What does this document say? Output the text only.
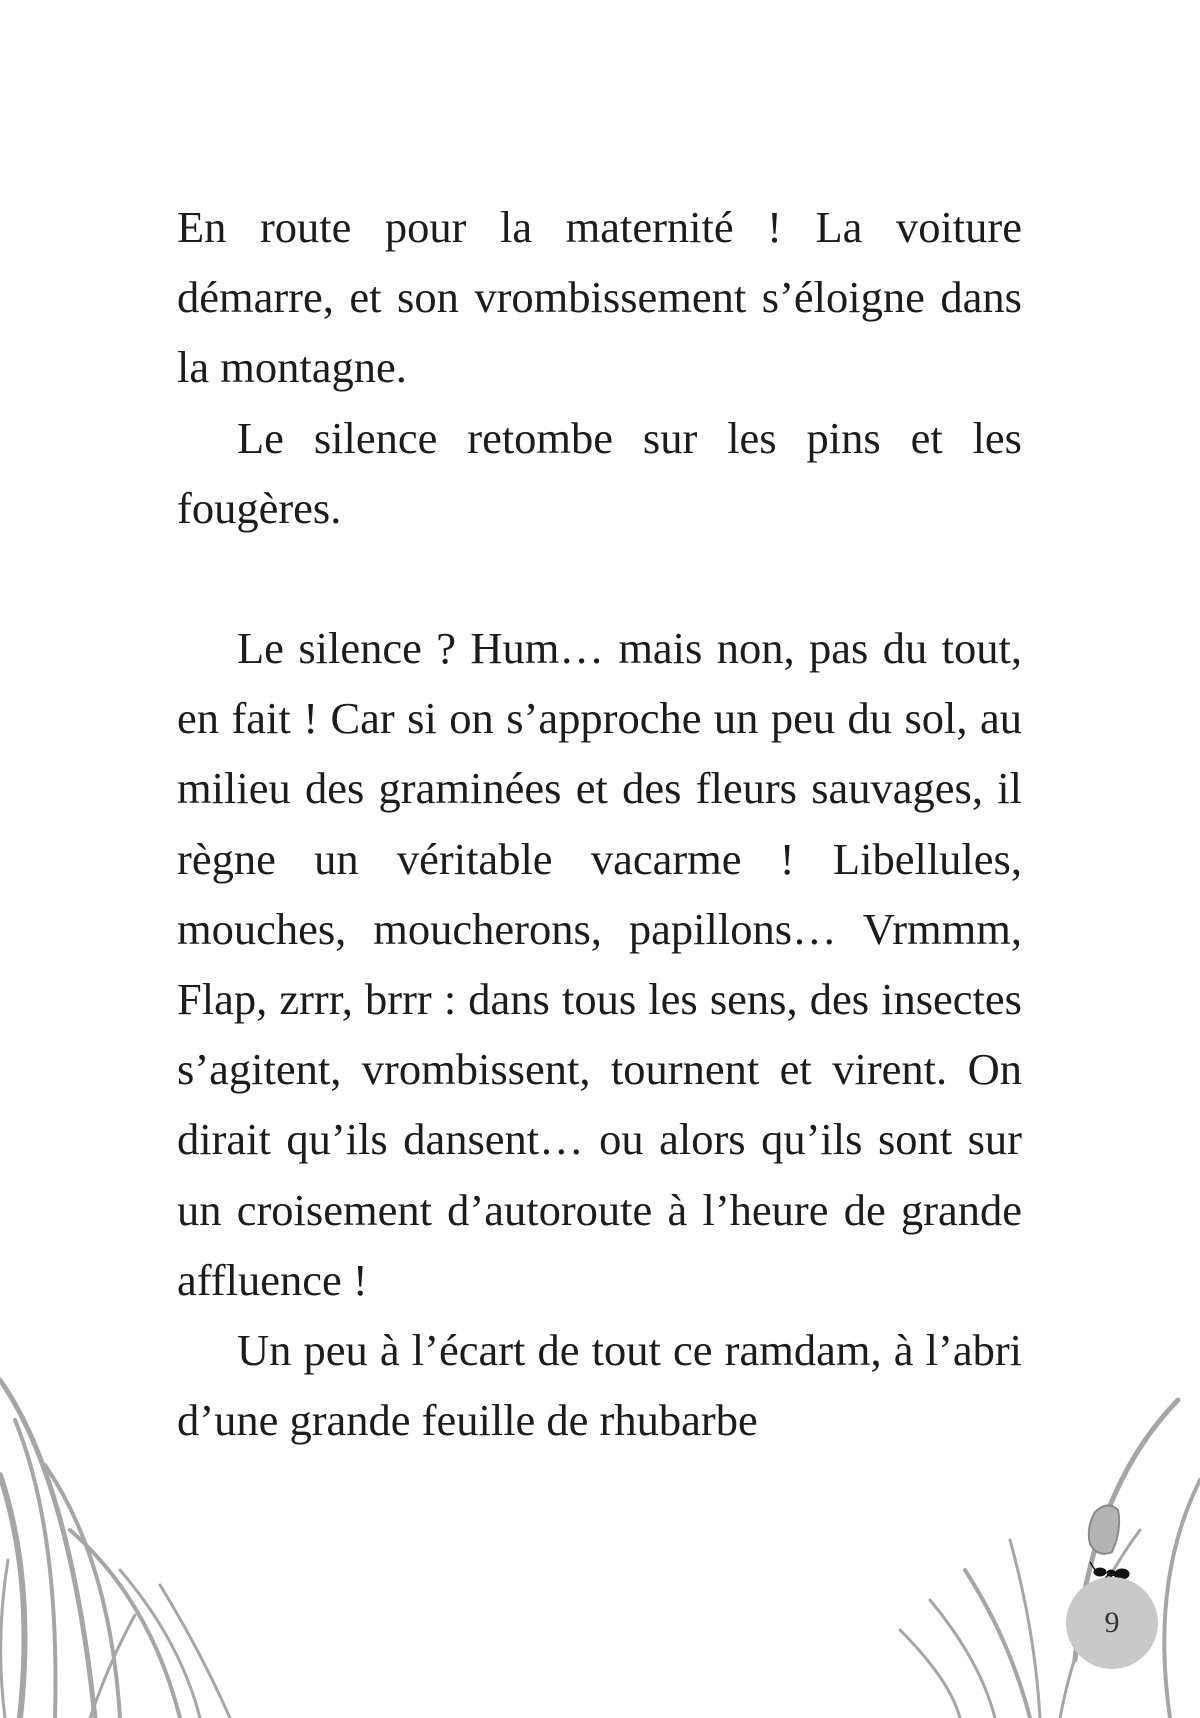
En route pour la maternité ! La voiture démarre, et son vrombissement s’éloigne dans la montagne.

Le silence retombe sur les pins et les fougères.

Le silence ? Hum… mais non, pas du tout, en fait ! Car si on s’approche un peu du sol, au milieu des graminées et des fleurs sauvages, il règne un véritable vacarme ! Libellules, mouches, moucherons, papillons… Vrmmm, Flap, zrrr, brrr : dans tous les sens, des insectes s’agitent, vrombissent, tournent et virent. On dirait qu’ils dansent… ou alors qu’ils sont sur un croisement d’autoroute à l’heure de grande affluence !

Un peu à l’écart de tout ce ramdam, à l’abri d’une grande feuille de rhubarbe

9
